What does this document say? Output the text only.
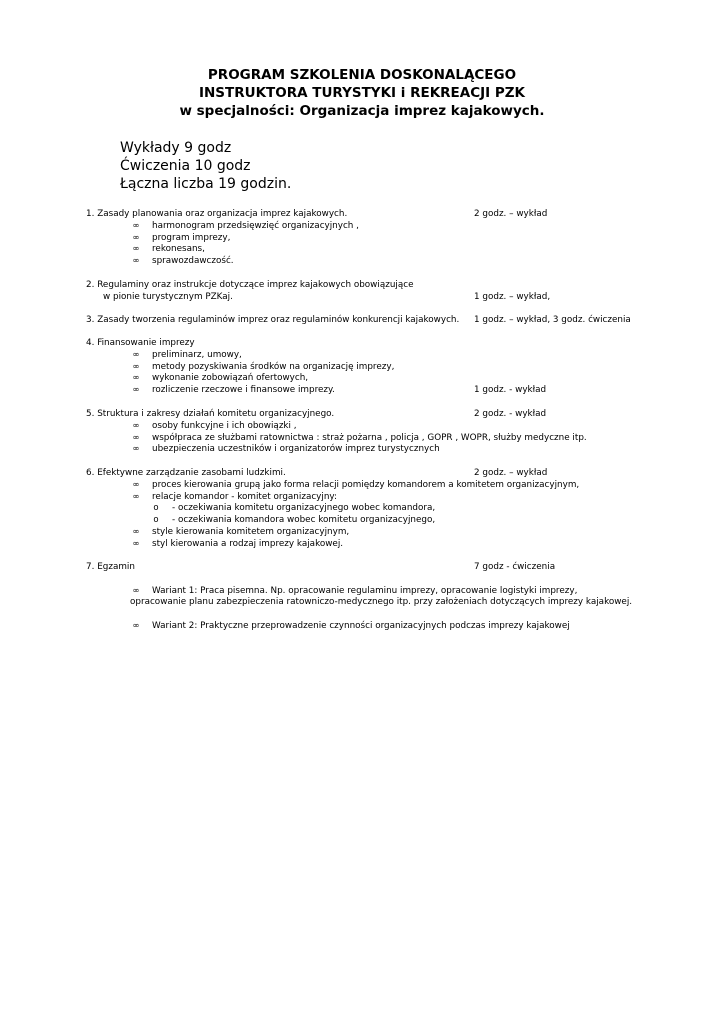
PROGRAM SZKOLENIA DOSKONALĄCEGO
INSTRUKTORA TURYSTYKI i REKREACJI PZK
w specjalności: Organizacja imprez kajakowych.
Wykłady 9 godz
Ćwiczenia 10 godz
Łączna liczba 19 godzin.
1. Zasady planowania oraz organizacja imprez kajakowych.	2 godz. – wykład
∞ harmonogram przedsięwzięć organizacyjnych ,
∞ program imprezy,
∞ rekonesans,
∞ sprawozdawczość.
2. Regulaminy oraz instrukcje dotyczące imprez kajakowych obowiązujące
w pionie turystycznym PZKaj.	1 godz. – wykład,
3. Zasady tworzenia regulaminów imprez oraz regulaminów konkurencji kajakowych. 1 godz. – wykład, 3 godz. ćwiczenia
4. Finansowanie imprezy
∞ preliminarz, umowy,
∞ metody pozyskiwania środków na organizację imprezy,
∞ wykonanie zobowiązań ofertowych,
∞ rozliczenie rzeczowe i finansowe imprezy.	1 godz. - wykład
5. Struktura i zakresy działań komitetu organizacyjnego.	2 godz. - wykład
∞ osoby funkcyjne i ich obowiązki ,
∞ współpraca ze służbami ratownictwa : straż pożarna , policja , GOPR , WOPR, służby medyczne itp.
∞ ubezpieczenia uczestników i organizatorów imprez turystycznych
6. Efektywne zarządzanie zasobami ludzkimi.	2 godz. – wykład
∞ proces kierowania grupą jako forma relacji pomiędzy komandorem a komitetem organizacyjnym,
∞ relacje komandor - komitet organizacyjny:
o	- oczekiwania komitetu organizacyjnego wobec komandora,
o	- oczekiwania komandora wobec komitetu organizacyjnego,
∞ style kierowania komitetem organizacyjnym,
∞ styl kierowania a rodzaj imprezy kajakowej.
7. Egzamin	7 godz - ćwiczenia
∞ Wariant 1: Praca pisemna. Np. opracowanie regulaminu imprezy, opracowanie logistyki imprezy,
opracowanie planu zabezpieczenia ratowniczo-medycznego itp. przy założeniach dotyczących imprezy kajakowej.
∞ Wariant 2: Praktyczne przeprowadzenie czynności organizacyjnych podczas imprezy kajakowej
